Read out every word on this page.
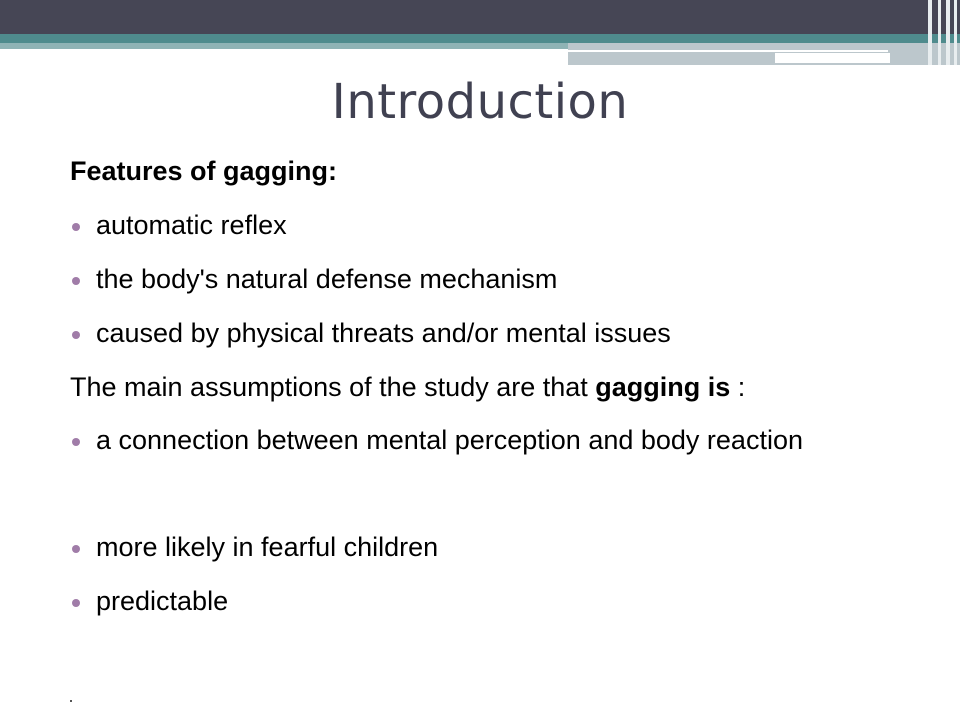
Introduction
Features of gagging:
automatic reflex
the body's natural defense mechanism
caused by physical threats and/or mental issues
The main assumptions of the study are that gagging is :
a connection between mental perception and body reaction
more likely in fearful children
predictable
